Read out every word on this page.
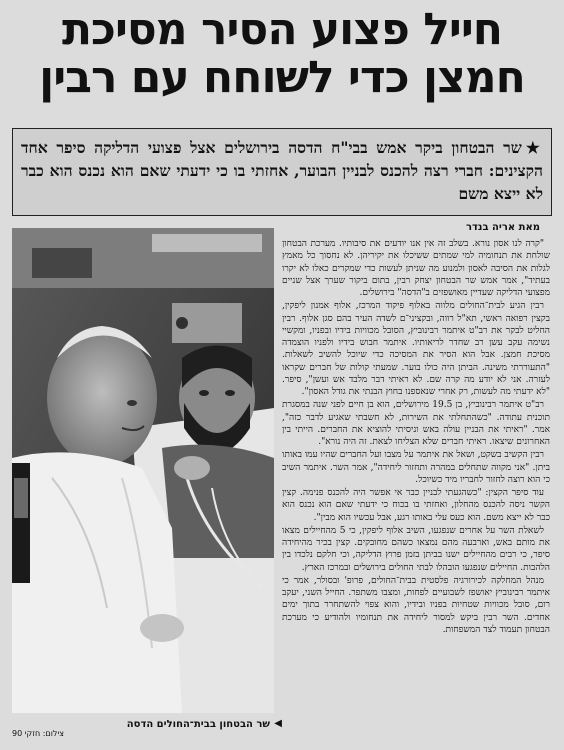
חייל פצוע הסיר מסיכת
חמצן כדי לשוחח עם רבין
★שר הבטחון ביקר אמש בבי"ח הדסה בירושלים אצל פצועי הדליקה סיפר אחד הקצינים: חברי רצה להכנס לבניין הבוער, אחזתי בו כי ידעתי שאם הוא נכנס הוא כבר לא ייצא משם
מאת אריה בנדר

"קרה לנו אסון נורא. בשלב זה אין אנו יודעים את סיבותיו. מערכת הבטחון שולחת את תנחומיה למי שמתים ששיכלו את יקיריהן. לא נחסוך כל מאמץ לגלות את הסיבה לאסון ולמנוע מה שניתן לעשות כדי שמקרים כאלו לא יקרו בעתיד", אמר אמש שר הבטחון יצחק רבין, בתום ביקור שערך אצל שניים מפצועי הדליקה שעדיין מאושפזים ב"הדסה" בירושלים.

רבין הגיע לבית־החולים מלווה באלוף פיקוד המרכז, אלוף אמנון ליפקין, בקצין רפואה ראשי, תא"ל רווה, ובקציני־ם לשדה העיר בהם סגן אלוף. רבין החליט לבקר את רב"ט איתמר רבינוביץ, הסובל מכוויות בידיו ובפניו, ומקשיי נשימה עקב עשן רב שחדר לריאותיו. איתמר חבוש בידיו ולפניו הוצמדה מסיכת חמצן. אבל הוא הסיר את המסיכה כדי שיוכל להשיב לשאלות. "התעוררתי משינה. הביתן היה כולו בוער. שמעתי קולות של חברים שקראו לעזרה. אני לא יודע מה קרה שם. לא ראיתי דבר מלבד אש ועשן", סיפר. "לא ידעתי מה לעשות, רק אחרי שנאספנו בחוץ הבנתי את גודל האסון".

רב"ט איתמר רבינוביץ, בן 19.5 מירושלים, הוא בן חיים לפני שנה במסגרת תוכנית עתודה. "כשהתחלתי את השירות, לא חשבתי שאגיע לדבר כזה", אמר. "ראיתי את הבניין עולה באש וניסיתי להוציא את החברים. הייתי בין האחרונים שיצאו. ראיתי חברים שלא הצליחו לצאת. זה היה נורא".

רבין הקשיב בשקט, ושאל את איתמר על מצבו ועל החברים שהיו עמו באותו ביתן. "אני מקווה שתחלים במהרה ותחזור ליחידה", אמר השר. איתמר השיב כי הוא רוצה לחזור לחבריו מיד כשיוכל.

עוד סיפר הקצין: "כשהגעתי לבניין כבר אי אפשר היה להכנס פנימה. קצין הקשר ניסה להכנס מהחלון, ואחזתי בו בכוח כי ידעתי שאם הוא נכנס הוא כבר לא ייצא משם. הוא כעס עלי באותו רגע, אבל עכשיו הוא מבין".

לשאלת השר על אחרים שנפגעו, השיב אלוף ליפקין, כי 5 מהחיילים מצאו את מותם באש, וארבעה מהם נמצאו כשהם מחובקים. קצין בכיר מהיחידה סיפר, כי רבים מהחיילים ישנו בביתן בזמן פרוץ הדליקה, וכי חלקם נלכדו בין הלהבות. החיילים שנפגעו הובהלו לבתי החולים בירושלים ובמרכז הארץ.

מנהל המחלקה לכירורגיה פלסטית בבית־החולים, פרופ' ובסולר, אמר כי איתמר רבינוביץ יאושפז לשבועיים לפחות, ומצבו משתפר. החייל השני, יעקב רום, סובל מכוויות שטחיות בפניו ובידיו, והוא צפוי להשתחרר בתוך ימים אחדים. השר רבין ביקש למסור ליחידה את תנחומיו ולהודיע כי מערכת הבטחון תעמוד לצד המשפחות.

◀
שר הבטחון בבית־החולים הדסה
צילום: חזקי 90
